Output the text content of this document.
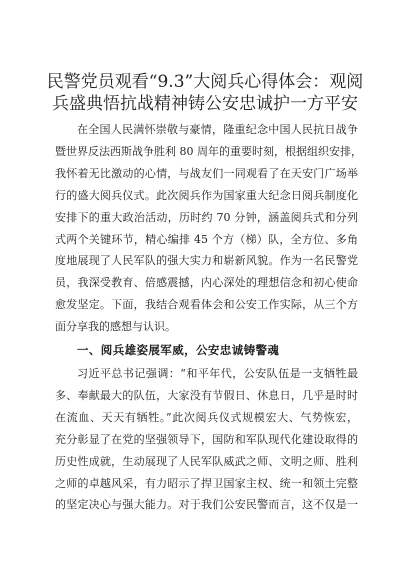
民警党员观看“9.3”大阅兵心得体会：观阅
兵盛典悟抗战精神铸公安忠诚护一方平安
在全国人民满怀崇敬与豪情，隆重纪念中国人民抗日战争
暨世界反法西斯战争胜利 80 周年的重要时刻，根据组织安排，
我怀着无比激动的心情，与战友们一同观看了在天安门广场举
行的盛大阅兵仪式。此次阅兵作为国家重大纪念日阅兵制度化
安排下的重大政治活动，历时约 70 分钟，涵盖阅兵式和分列
式两个关键环节，精心编排 45 个方（梯）队，全方位、多角
度地展现了人民军队的强大实力和崭新风貌。作为一名民警党
员，我深受教育、倍感震撼，内心深处的理想信念和初心使命
愈发坚定。下面，我结合观看体会和公安工作实际，从三个方
面分享我的感想与认识。
一、阅兵雄姿展军威，公安忠诚铸警魂
习近平总书记强调：“和平年代，公安队伍是一支牺牲最
多、奉献最大的队伍，大家没有节假日、休息日，几乎是时时
在流血、天天有牺牲。”此次阅兵仪式规模宏大、气势恢宏，
充分彰显了在党的坚强领导下，国防和军队现代化建设取得的
历史性成就，生动展现了人民军队威武之师、文明之师、胜利
之师的卓越风采，有力昭示了捍卫国家主权、统一和领土完整
的坚定决心与强大能力。对于我们公安民警而言，这不仅是一
